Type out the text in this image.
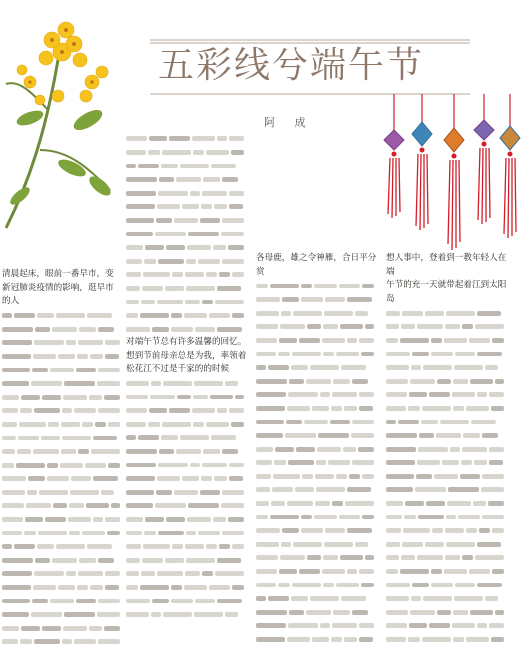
五彩线兮端午节
阿 成

清晨起床，眼前一番早市，变

新冠肺炎疫情的影响，逛早市的人

对端午节总有许多温馨的回忆。想到节前母亲总是为我，率领着松花江不过是千家的的时候

各母鹿，雄之令神雁，合日平分赏

想人事中，登着到一教年轻人在端

午节的充一天就带起着江到太阳岛
